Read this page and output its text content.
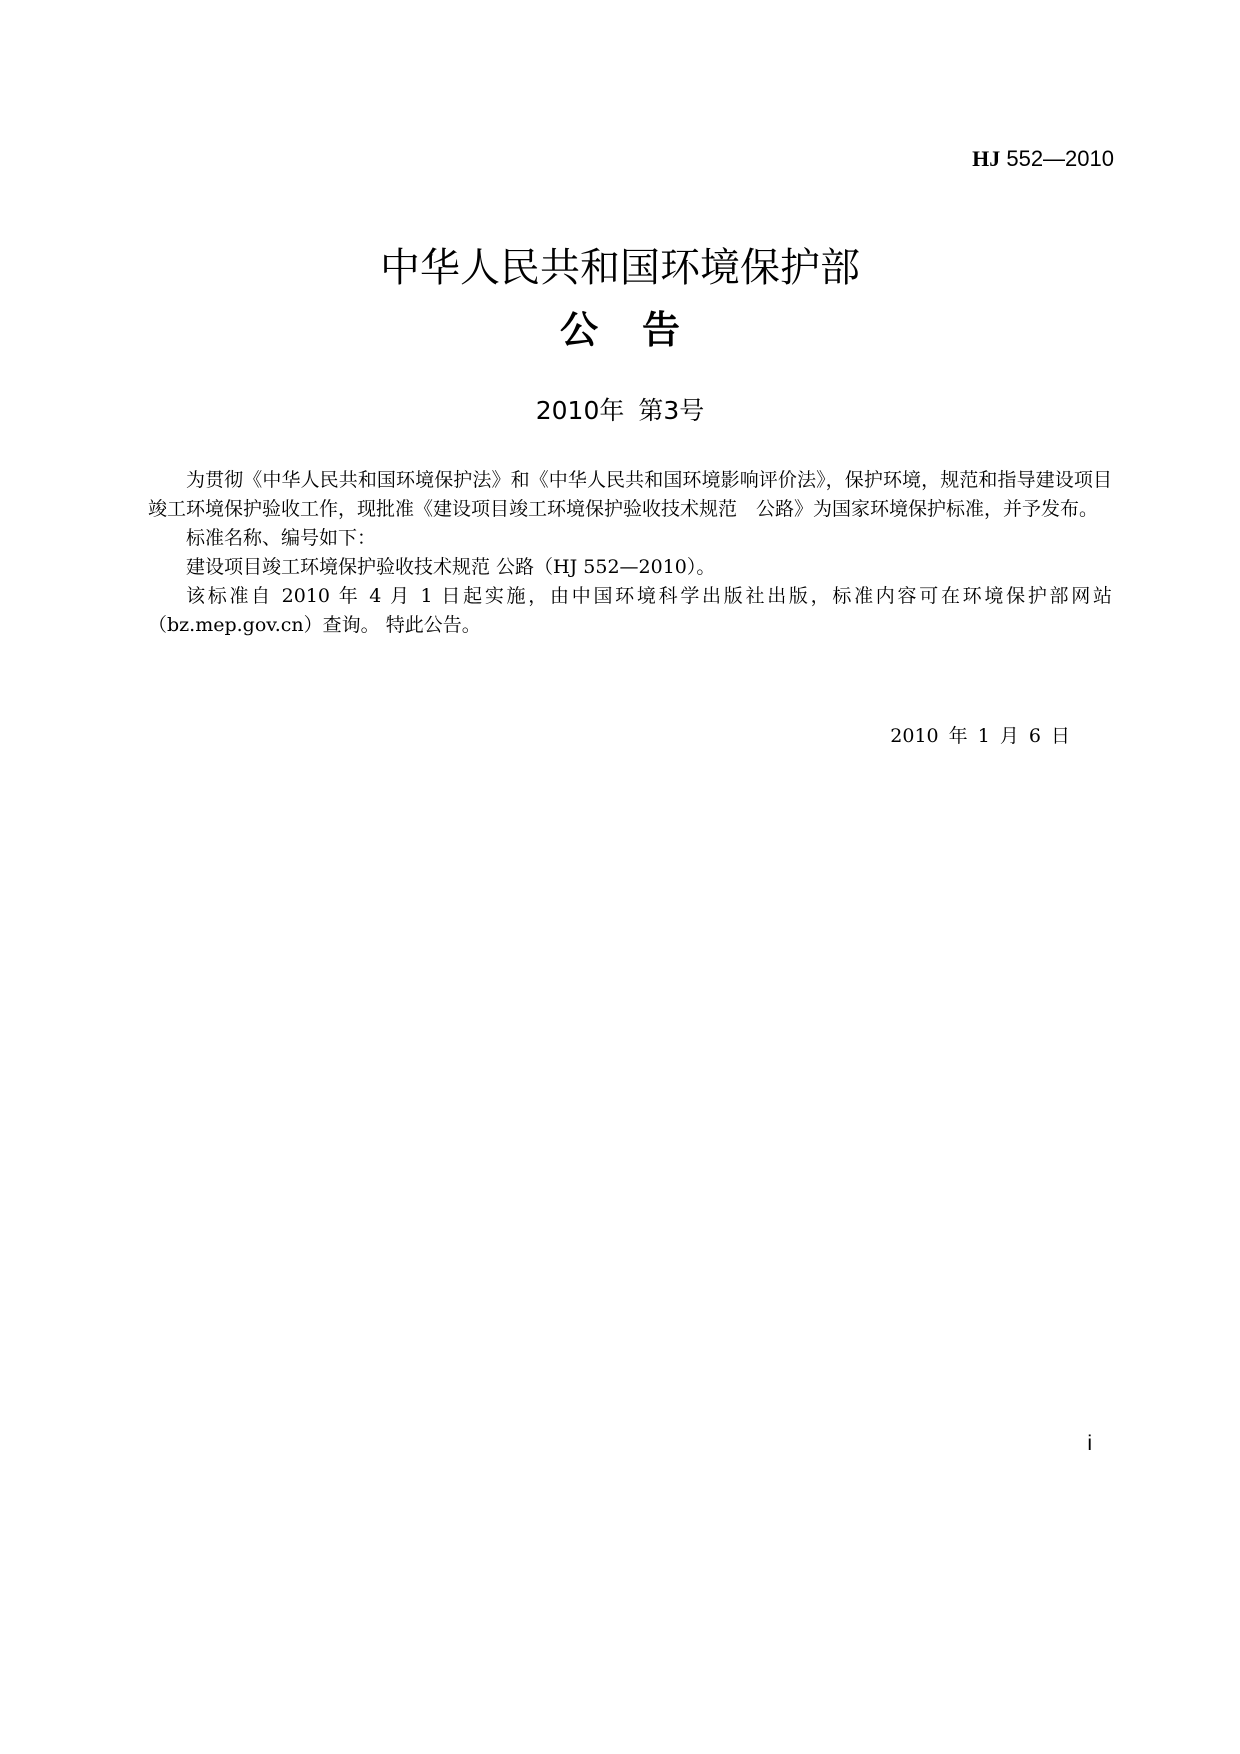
HJ 552—2010
中华人民共和国环境保护部
公告
2010年 第3号

为贯彻《中华人民共和国环境保护法》和《中华人民共和国环境影响评价法》，保护环境，规范和指导建设项目竣工环境保护验收工作，现批准《建设项目竣工环境保护验收技术规范　公路》为国家环境保护标准，并予发布。

标准名称、编号如下：

建设项目竣工环境保护验收技术规范 公路（HJ 552—2010）。

该标准自 2010 年 4 月 1 日起实施，由中国环境科学出版社出版，标准内容可在环境保护部网站（bz.mep.gov.cn）查询。 特此公告。

2010 年 1 月 6 日
i
